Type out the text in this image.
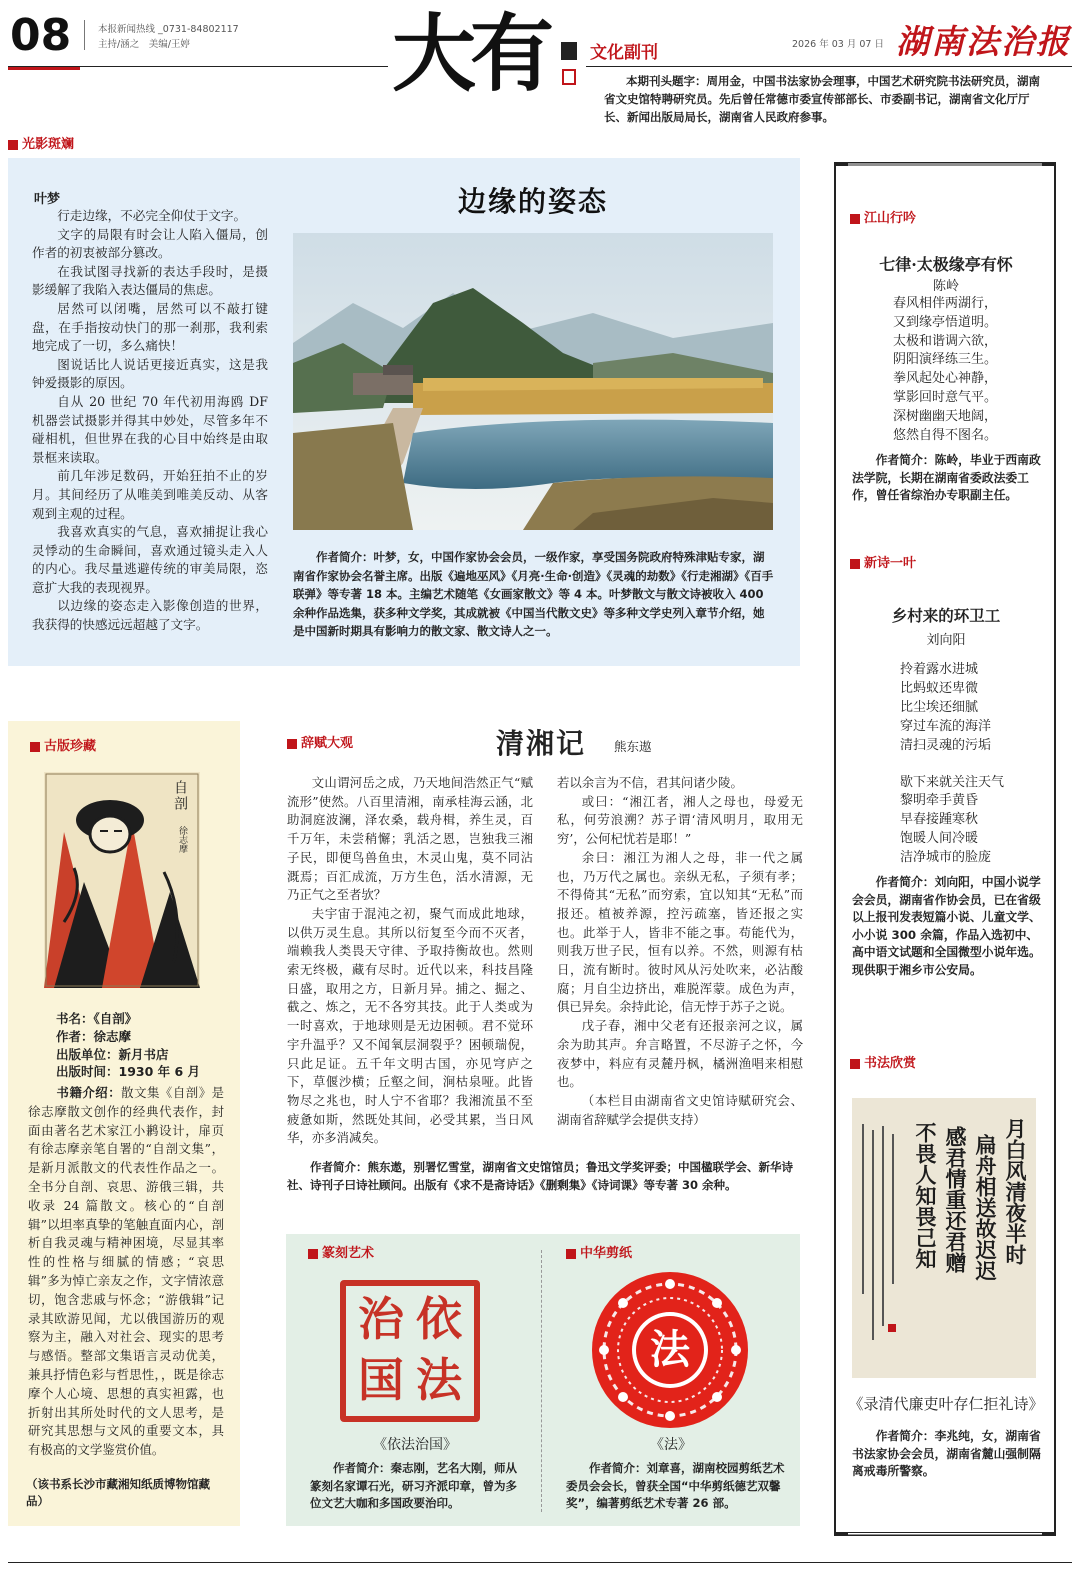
08	本报新闻热线 _0731-84802117
主持/涵之　美编/王婷	大有 文化副刊	2026 年 03 月 07 日 湖南法治报
本期刊头题字：周用金，中国书法家协会理事，中国艺术研究院书法研究员，湖南省文史馆特聘研究员。先后曾任常德市委宣传部部长、市委副书记，湖南省文化厅厅长、新闻出版局局长，湖南省人民政府参事。
光影斑斓
叶梦

行走边缘，不必完全仰仗于文字。

文字的局限有时会让人陷入僵局，创作者的初衷被部分篡改。

在我试图寻找新的表达手段时，是摄影缓解了我陷入表达僵局的焦虑。

居然可以闭嘴，居然可以不敲打键盘，在手指按动快门的那一刹那，我利索地完成了一切，多么痛快！

图说话比人说话更接近真实，这是我钟爱摄影的原因。

自从 20 世纪 70 年代初用海鸥 DF 机器尝试摄影并得其中妙处，尽管多年不碰相机，但世界在我的心目中始终是由取景框来读取。

前几年涉足数码，开始狂拍不止的岁月。其间经历了从唯美到唯美反动、从客观到主观的过程。

我喜欢真实的气息，喜欢捕捉让我心灵悸动的生命瞬间，喜欢通过镜头走入人的内心。我尽量逃避传统的审美局限，恣意扩大我的表现视界。

以边缘的姿态走入影像创造的世界，我获得的快感远远超越了文字。

边缘的姿态
作者简介：叶梦，女，中国作家协会会员，一级作家，享受国务院政府特殊津贴专家，湖南省作家协会名誉主席。出版《遍地巫风》《月亮·生命·创造》《灵魂的劫数》《行走湘湖》《百手联弹》等专著 18 本。主编艺术随笔《女画家散文》等 4 本。叶梦散文与散文诗被收入 400 余种作品选集，获多种文学奖，其成就被《中国当代散文史》等多种文学史列入章节介绍，她是中国新时期具有影响力的散文家、散文诗人之一。
江山行吟
七律·太极缘亭有怀
陈岭
春风相伴两湖行，
又到缘亭悟道明。
太极和谐调六欲，
阴阳演绎练三生。
拳风起处心神静，
掌影回时意气平。
深树幽幽天地阔，
悠然自得不图名。
作者简介：陈岭，毕业于西南政法学院，长期在湖南省委政法委工作，曾任省综治办专职副主任。
新诗一叶
乡村来的环卫工
刘向阳
拎着露水进城
比蚂蚁还卑微
比尘埃还细腻
穿过车流的海洋
清扫灵魂的污垢
歇下来就关注天气
黎明牵手黄昏
早春接踵寒秋
饱暖人间冷暖
洁净城市的脸庞
作者简介：刘向阳，中国小说学会会员，湖南省作协会员，已在省级以上报刊发表短篇小说、儿童文学、小小说 300 余篇，作品入选初中、高中语文试题和全国微型小说年选。现供职于湘乡市公安局。
书法欣赏
月白风清夜半时
扁舟相送故迟迟
感君情重还君赠
不畏人知畏己知
《录清代廉吏叶存仁拒礼诗》
作者简介：李兆纯，女，湖南省书法家协会会员，湖南省麓山强制隔离戒毒所警察。
古版珍藏
自剖
徐志摩
书名：《自剖》
作者：徐志摩
出版单位：新月书店
出版时间：1930 年 6 月
书籍介绍：散文集《自剖》是徐志摩散文创作的经典代表作，封面由著名艺术家江小鹣设计，扉页有徐志摩亲笔自署的“自剖文集”，是新月派散文的代表性作品之一。全书分自剖、哀思、游俄三辑，共收录 24 篇散文。核心的“自剖辑”以坦率真挚的笔触直面内心，剖析自我灵魂与精神困境，尽显其率性的性格与细腻的情感；“哀思辑”多为悼亡亲友之作，文字情浓意切，饱含悲戚与怀念；“游俄辑”记录其欧游见闻，尤以俄国游历的观察为主，融入对社会、现实的思考与感悟。整部文集语言灵动优美，兼具抒情色彩与哲思性，，既是徐志摩个人心境、思想的真实袒露，也折射出其所处时代的文人思考，是研究其思想与文风的重要文本，具有极高的文学鉴赏价值。
（该书系长沙市藏湘知纸质博物馆藏品）
辞赋大观	清湘记 熊东遨

文山谓河岳之成，乃天地间浩然正气“赋流形”使然。八百里清湘，南承桂海云涵，北助洞庭波澜，泽农桑，载舟楫，养生灵，百千万年，未尝稍懈；乳活之恩，岂独我三湘子民，即便鸟兽鱼虫，木灵山鬼，莫不同沾溉焉；百汇成流，万方生色，活水清源，无乃正气之至者欤？

夫宇宙于混沌之初，聚气而成此地球，以供万灵生息。其所以衍复至今而不灭者，端赖我人类畏天守律、予取持衡故也。然则索无终极，藏有尽时。近代以来，科技昌隆日盛，取用之方，日新月异。捕之、掘之、截之、炼之，无不各穷其技。此于人类或为一时喜欢，于地球则是无边困顿。君不觉环宇升温乎？又不闻氧层洞裂乎？困顿瑞倪，只此足证。五千年文明古国，亦见穹庐之下，草偃沙横；丘壑之间，涧枯泉哑。此皆物尽之兆也，时人宁不省耶？我湘流虽不至疲惫如斯，然既处其间，必受其累，当日风华，亦多消减矣。

若以余言为不信，君其问诸少陵。

或曰：“湘江者，湘人之母也，母爱无私，何劳浪溯？苏子谓‘清风明月，取用无穷’，公何杞忧若是耶！”

余曰：湘江为湘人之母，非一代之属也，乃万代之属也。亲纵无私，子须有孝；不得倚其“无私”而穷索，宜以知其“无私”而报还。植被养源，控污疏塞，皆还报之实也。此举于人，皆非不能之事。苟能代为，则我万世子民，恒有以养。不然，则源有枯日，流有断时。彼时风从污处吹来，必沾酸腐；月自尘边挤出，难脱浑蒙。成色为声，俱已异矣。余持此论，信无悖于苏子之说。

戊子春，湘中父老有还报亲河之议，属余为助其声。弁言略置，不尽游子之怀，今夜梦中，料应有灵麓丹枫，橘洲渔唱来相慰也。

（本栏目由湖南省文史馆诗赋研究会、湖南省辞赋学会提供支持）

作者简介：熊东遨，别署忆雪堂，湖南省文史馆馆员；鲁迅文学奖评委；中国楹联学会、新华诗社、诗刊子曰诗社顾问。出版有《求不是斋诗话》《删剩集》《诗词课》等专著 30 余种。
篆刻艺术	中华剪纸
治 依
国 法
法
《依法治国》	《法》
作者简介：秦志刚，艺名大刚，师从篆刻名家谭石光，研习齐派印章，曾为多位文艺大咖和多国政要治印。
作者简介：刘章喜，湖南校园剪纸艺术委员会会长，曾获全国“中华剪纸德艺双馨奖”，编著剪纸艺术专著 26 部。
